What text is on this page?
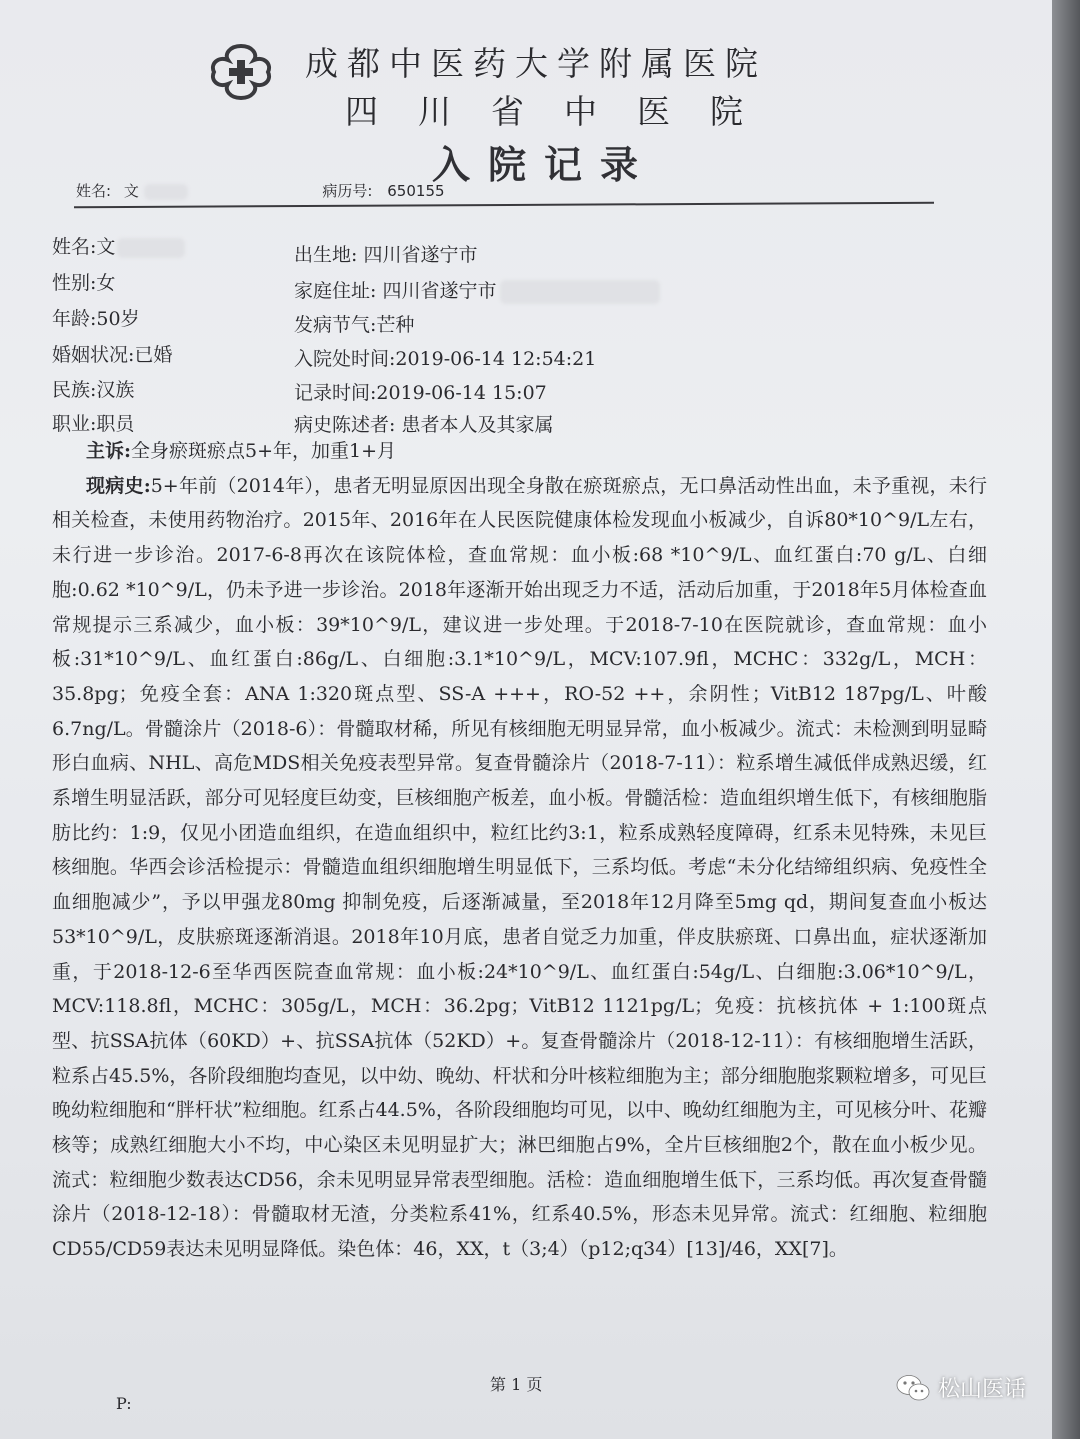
成都中医药大学附属医院
四川省中医院
入院记录
姓名: 文	病历号: 650155
姓名:文
性别:女
年龄:50岁
婚姻状况:已婚
民族:汉族
职业:职员
出生地: 四川省遂宁市
家庭住址: 四川省遂宁市
发病节气:芒种
入院处时间:2019-06-14 12:54:21
记录时间:2019-06-14 15:07
病史陈述者: 患者本人及其家属

主诉:全身瘀斑瘀点5+年，加重1+月

现病史:5+年前（2014年），患者无明显原因出现全身散在瘀斑瘀点，无口鼻活动性出血，未予重视，未行相关检查，未使用药物治疗。2015年、2016年在人民医院健康体检发现血小板减少，自诉80*10^9/L左右，未行进一步诊治。2017-6-8再次在该院体检，查血常规：血小板:68 *10^9/L、血红蛋白:70 g/L、白细胞:0.62 *10^9/L，仍未予进一步诊治。2018年逐渐开始出现乏力不适，活动后加重，于2018年5月体检查血常规提示三系减少，血小板：39*10^9/L，建议进一步处理。于2018-7-10在医院就诊，查血常规：血小板:31*10^9/L、血红蛋白:86g/L、白细胞:3.1*10^9/L，MCV:107.9fl，MCHC：332g/L，MCH：35.8pg；免疫全套：ANA 1:320斑点型、SS-A +++，RO-52 ++，余阴性；VitB12 187pg/L、叶酸6.7ng/L。骨髓涂片（2018-6）：骨髓取材稀，所见有核细胞无明显异常，血小板减少。流式：未检测到明显畸形白血病、NHL、高危MDS相关免疫表型异常。复查骨髓涂片（2018-7-11）：粒系增生减低伴成熟迟缓，红系增生明显活跃，部分可见轻度巨幼变，巨核细胞产板差，血小板。骨髓活检：造血组织增生低下，有核细胞脂肪比约：1:9，仅见小团造血组织，在造血组织中，粒红比约3:1，粒系成熟轻度障碍，红系未见特殊，未见巨核细胞。华西会诊活检提示：骨髓造血组织细胞增生明显低下，三系均低。考虑“未分化结缔组织病、免疫性全血细胞减少”，予以甲强龙80mg 抑制免疫，后逐渐减量，至2018年12月降至5mg qd，期间复查血小板达53*10^9/L，皮肤瘀斑逐渐消退。2018年10月底，患者自觉乏力加重，伴皮肤瘀斑、口鼻出血，症状逐渐加重，于2018-12-6至华西医院查血常规：血小板:24*10^9/L、血红蛋白:54g/L、白细胞:3.06*10^9/L，MCV:118.8fl，MCHC：305g/L，MCH：36.2pg；VitB12 1121pg/L；免疫：抗核抗体 + 1:100斑点型、抗SSA抗体（60KD）+、抗SSA抗体（52KD）+。复查骨髓涂片（2018-12-11）：有核细胞增生活跃，粒系占45.5%，各阶段细胞均查见，以中幼、晚幼、杆状和分叶核粒细胞为主；部分细胞胞浆颗粒增多，可见巨晚幼粒细胞和“胖杆状”粒细胞。红系占44.5%，各阶段细胞均可见，以中、晚幼红细胞为主，可见核分叶、花瓣核等；成熟红细胞大小不均，中心染区未见明显扩大；淋巴细胞占9%，全片巨核细胞2个，散在血小板少见。流式：粒细胞少数表达CD56，余未见明显异常表型细胞。活检：造血细胞增生低下，三系均低。再次复查骨髓涂片（2018-12-18）：骨髓取材无渣，分类粒系41%，红系40.5%，形态未见异常。流式：红细胞、粒细胞CD55/CD59表达未见明显降低。染色体：46，XX，t（3;4）（p12;q34）[13]/46，XX[7]。

第 1 页
P:
松山医话
